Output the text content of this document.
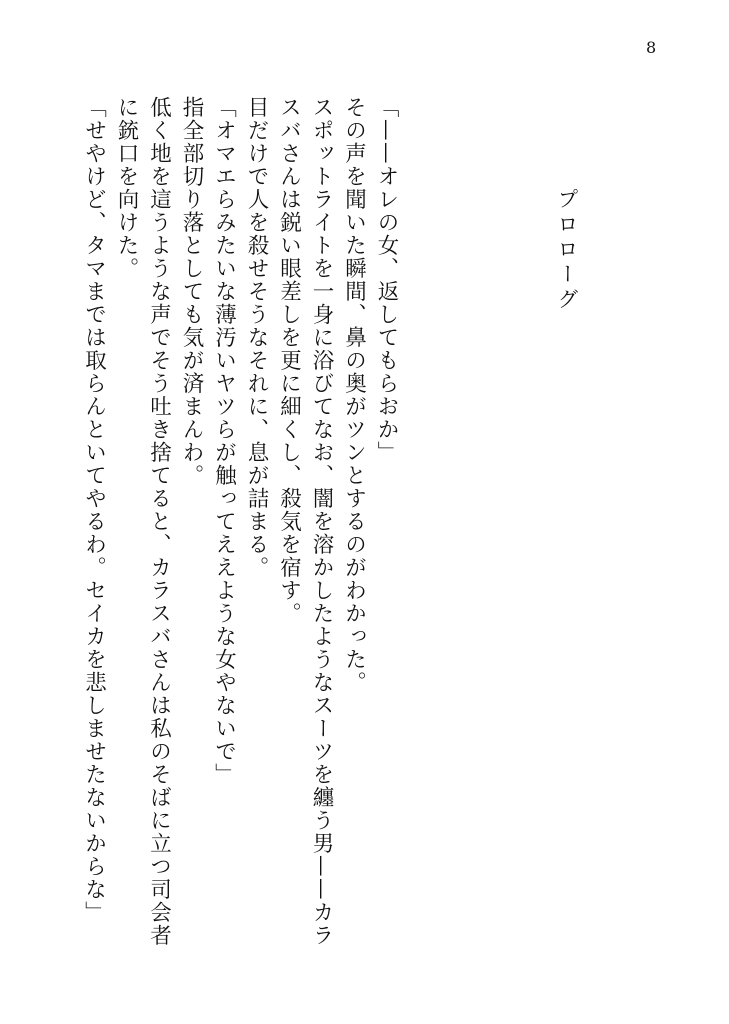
8
プロローグ

「——オレの女、返してもらおか」

その声を聞いた瞬間、鼻の奥がツンとするのがわかった。

スポットライトを一身に浴びてなお、闇を溶かしたようなスーツを纏う男——カラスバさんは鋭い眼差しを更に細くし、殺気を宿す。

目だけで人を殺せそうなそれに、息が詰まる。

「オマエらみたいな薄汚いヤツらが触ってええような女やないで」

指全部切り落としても気が済まんわ。

低く地を這うような声でそう吐き捨てると、カラスバさんは私のそばに立つ司会者に銃口を向けた。

「せやけど、タマまでは取らんといてやるわ。セイカを悲しませたないからな」
